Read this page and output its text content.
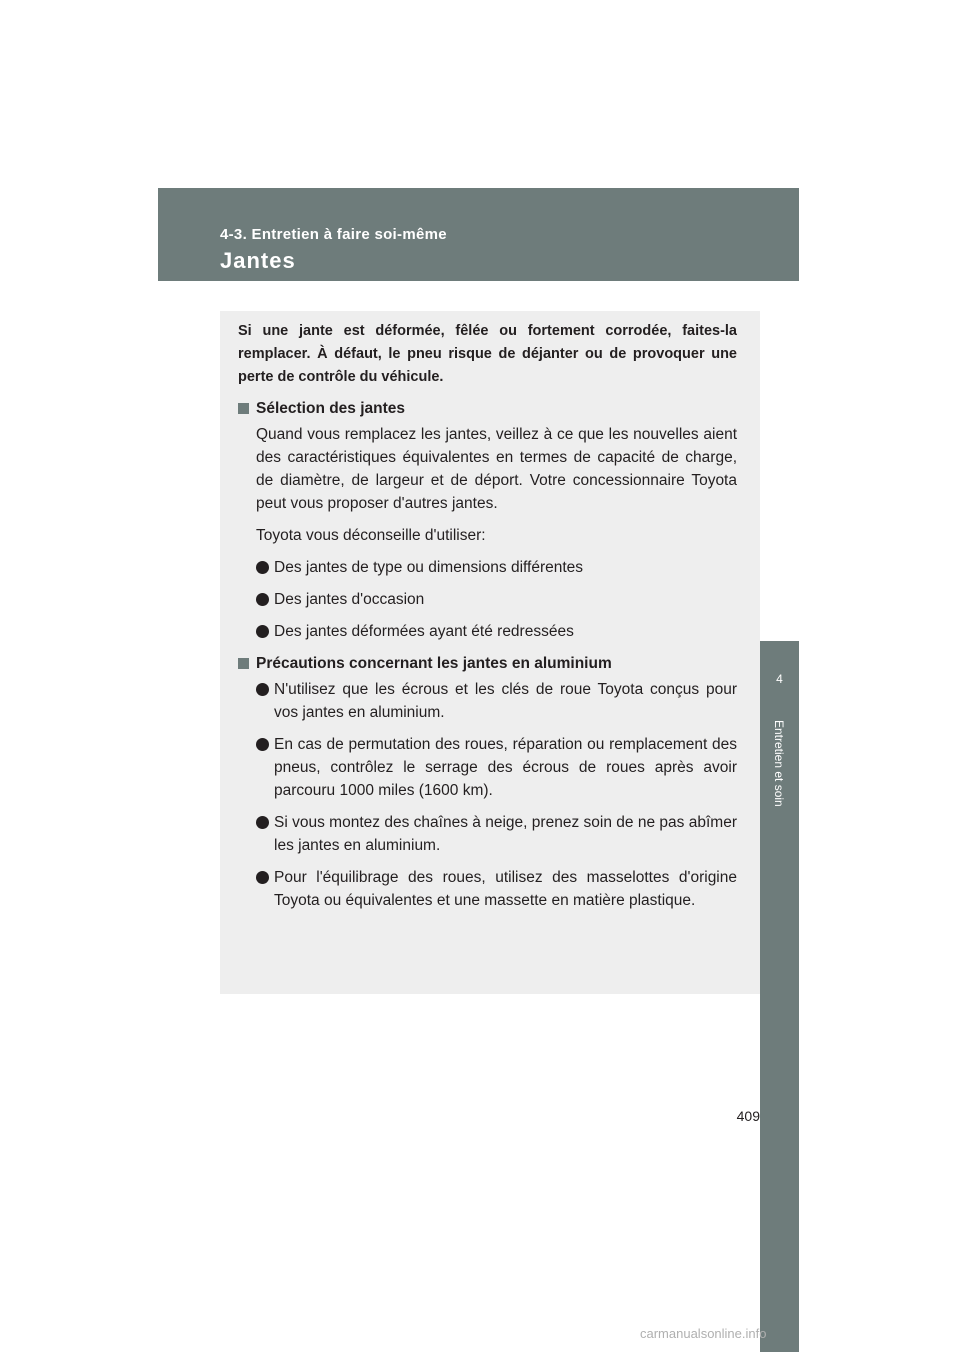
4-3. Entretien à faire soi-même
Jantes
4
Entretien et soin

Si une jante est déformée, fêlée ou fortement corrodée, faites-la remplacer. À défaut, le pneu risque de déjanter ou de provoquer une perte de contrôle du véhicule.

Sélection des jantes

Quand vous remplacez les jantes, veillez à ce que les nouvelles aient des caractéristiques équivalentes en termes de capacité de charge, de diamètre, de largeur et de déport. Votre concessionnaire Toyota peut vous proposer d'autres jantes.

Toyota vous déconseille d'utiliser:

Des jantes de type ou dimensions différentes
Des jantes d'occasion
Des jantes déformées ayant été redressées
Précautions concernant les jantes en aluminium
N'utilisez que les écrous et les clés de roue Toyota conçus pour vos jantes en aluminium.
En cas de permutation des roues, réparation ou remplacement des pneus, contrôlez le serrage des écrous de roues après avoir parcouru 1000 miles (1600 km).
Si vous montez des chaînes à neige, prenez soin de ne pas abîmer les jantes en aluminium.
Pour l'équilibrage des roues, utilisez des masselottes d'origine Toyota ou équivalentes et une massette en matière plastique.
409
carmanualsonline.info
